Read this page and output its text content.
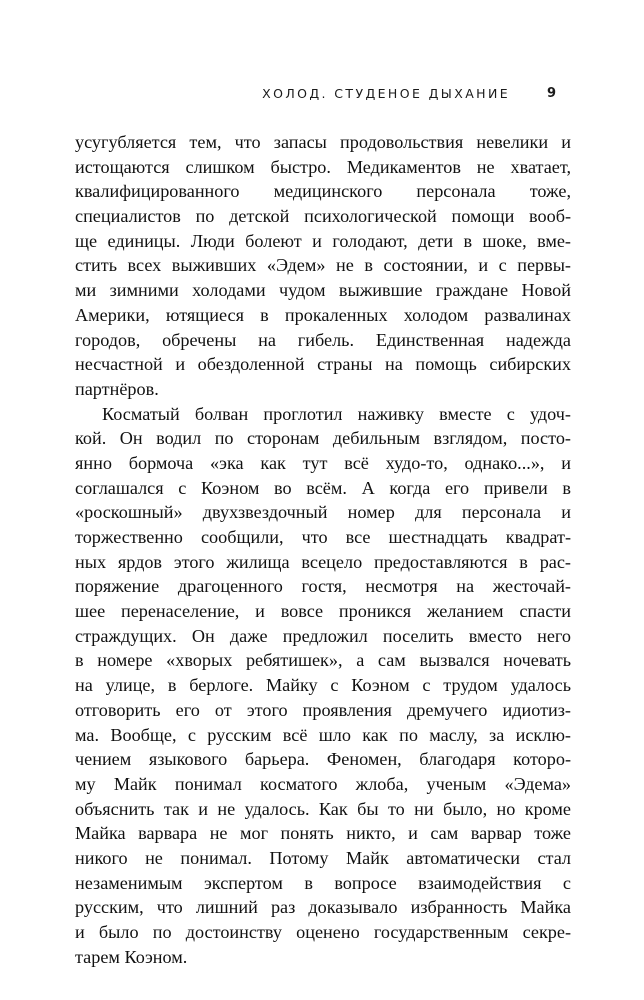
ХОЛОД. СТУДЕНОЕ ДЫХАНИЕ	9
усугубляется тем, что запасы продовольствия невелики и
истощаются слишком быстро. Медикаментов не хватает,
квалифицированного медицинского персонала тоже,
специалистов по детской психологической помощи вооб-
ще единицы. Люди болеют и голодают, дети в шоке, вме-
стить всех выживших «Эдем» не в состоянии, и с первы-
ми зимними холодами чудом выжившие граждане Новой
Америки, ютящиеся в прокаленных холодом развалинах
городов, обречены на гибель. Единственная надежда
несчастной и обездоленной страны на помощь сибирских
партнёров.
Косматый болван проглотил наживку вместе с удоч-
кой. Он водил по сторонам дебильным взглядом, посто-
янно бормоча «эка как тут всё худо-то, однако...», и
соглашался с Коэном во всём. А когда его привели в
«роскошный» двухзвездочный номер для персонала и
торжественно сообщили, что все шестнадцать квадрат-
ных ярдов этого жилища всецело предоставляются в рас-
поряжение драгоценного гостя, несмотря на жесточай-
шее перенаселение, и вовсе проникся желанием спасти
страждущих. Он даже предложил поселить вместо него
в номере «хворых ребятишек», а сам вызвался ночевать
на улице, в берлоге. Майку с Коэном с трудом удалось
отговорить его от этого проявления дремучего идиотиз-
ма. Вообще, с русским всё шло как по маслу, за исклю-
чением языкового барьера. Феномен, благодаря которо-
му Майк понимал косматого жлоба, ученым «Эдема»
объяснить так и не удалось. Как бы то ни было, но кроме
Майка варвара не мог понять никто, и сам варвар тоже
никого не понимал. Потому Майк автоматически стал
незаменимым экспертом в вопросе взаимодействия с
русским, что лишний раз доказывало избранность Майка
и было по достоинству оценено государственным секре-
тарем Коэном.
